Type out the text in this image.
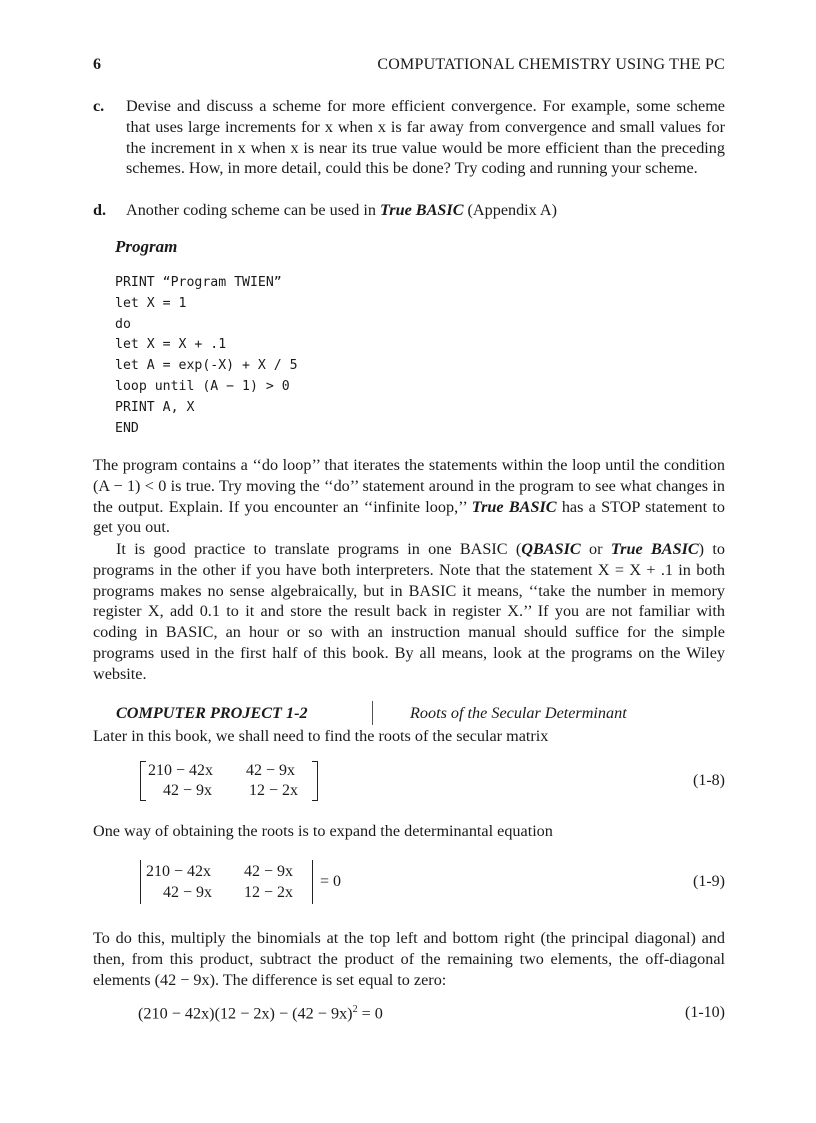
6	COMPUTATIONAL CHEMISTRY USING THE PC
c. Devise and discuss a scheme for more efficient convergence. For example, some scheme that uses large increments for x when x is far away from convergence and small values for the increment in x when x is near its true value would be more efficient than the preceding schemes. How, in more detail, could this be done? Try coding and running your scheme.
d. Another coding scheme can be used in True BASIC (Appendix A)
Program
PRINT “Program TWIEN”
let X = 1
do
let X = X + .1
let A = exp(-X) + X / 5
loop until (A − 1) > 0
PRINT A, X
END
The program contains a ‘‘do loop’’ that iterates the statements within the loop until the condition (A − 1) < 0 is true. Try moving the ‘‘do’’ statement around in the program to see what changes in the output. Explain. If you encounter an ‘‘infinite loop,’’ True BASIC has a STOP statement to get you out.
It is good practice to translate programs in one BASIC (QBASIC or True BASIC) to programs in the other if you have both interpreters. Note that the statement X = X + .1 in both programs makes no sense algebraically, but in BASIC it means, ‘‘take the number in memory register X, add 0.1 to it and store the result back in register X.’’ If you are not familiar with coding in BASIC, an hour or so with an instruction manual should suffice for the simple programs used in the first half of this book. By all means, look at the programs on the Wiley website.
COMPUTER PROJECT 1-2	Roots of the Secular Determinant
Later in this book, we shall need to find the roots of the secular matrix
210 − 42x 42 − 9x
42 − 9x 12 − 2x
(1-8)
One way of obtaining the roots is to expand the determinantal equation
210 − 42x 42 − 9x
42 − 9x 12 − 2x
= 0	(1-9)
To do this, multiply the binomials at the top left and bottom right (the principal diagonal) and then, from this product, subtract the product of the remaining two elements, the off-diagonal elements (42 − 9x). The difference is set equal to zero:
$(210 - 42x)(12 - 2x) - (42 - 9x)^2 = 0$	(1-10)
